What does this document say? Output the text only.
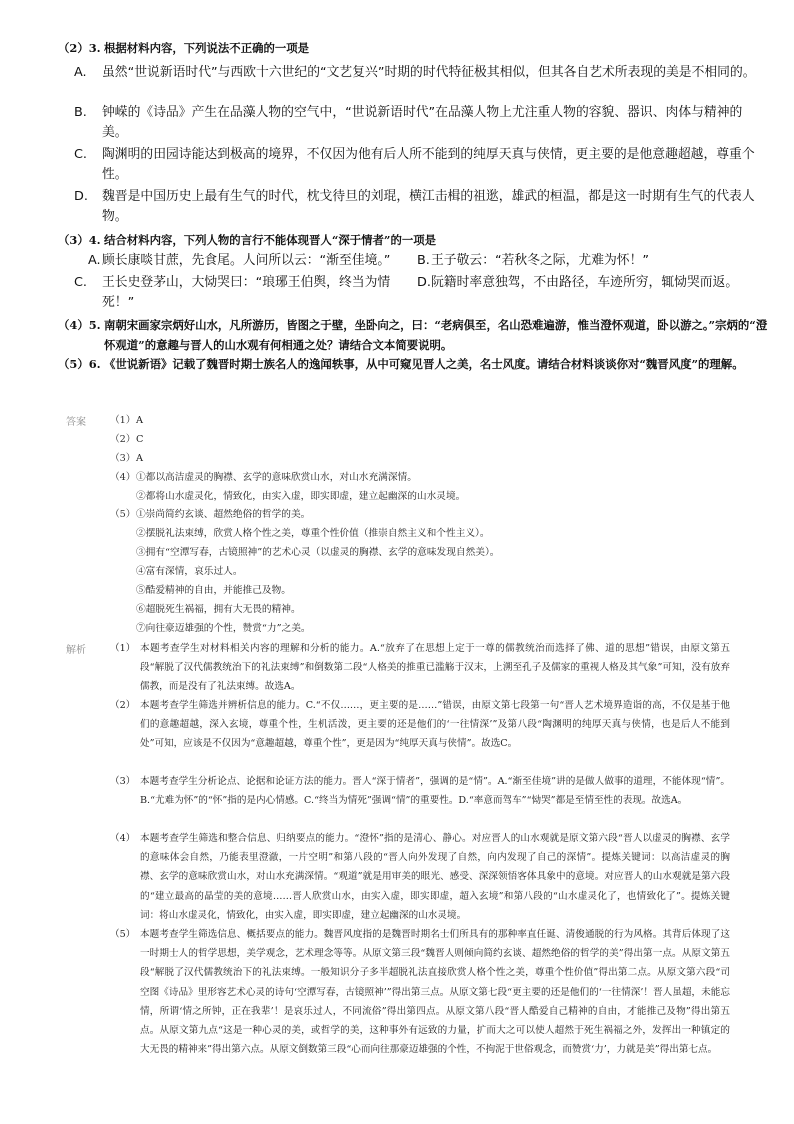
（2）3. 根据材料内容，下列说法不正确的一项是
A. 虽然“世说新语时代”与西欧十六世纪的“文艺复兴”时期的时代特征极其相似，但其各自艺术所表现的美是不相同的。
B. 钟嵘的《诗品》产生在品藻人物的空气中，“世说新语时代”在品藻人物上尤注重人物的容貌、器识、肉体与精神的美。
C. 陶渊明的田园诗能达到极高的境界，不仅因为他有后人所不能到的纯厚天真与侠情，更主要的是他意趣超越，尊重个性。
D. 魏晋是中国历史上最有生气的时代，枕戈待旦的刘琨，横江击楫的祖逖，雄武的桓温，都是这一时期有生气的代表人物。
（3）4. 结合材料内容，下列人物的言行不能体现晋人“深于情者”的一项是
A.顾长康啖甘蔗，先食尾。人问所以云：“渐至佳境。”	B.王子敬云：“若秋冬之际，尤难为怀！”
C. 王长史登茅山，大恸哭曰：“琅琊王伯舆，终当为情死！”
D.阮籍时率意独驾，不由路径，车迹所穷，辄恸哭而返。
（4）5. 南朝宋画家宗炳好山水，凡所游历，皆图之于壁，坐卧向之，曰：“老病俱至，名山恐难遍游，惟当澄怀观道，卧以游之。”宗炳的“澄怀观道”的意趣与晋人的山水观有何相通之处？请结合文本简要说明。
（5）6. 《世说新语》记载了魏晋时期士族名人的逸闻轶事，从中可窥见晋人之美，名士风度。请结合材料谈谈你对“魏晋风度”的理解。
答案 （1）A
（2）C
（3）A
（4）①都以高洁虚灵的胸襟、玄学的意味欣赏山水，对山水充满深情。
②都将山水虚灵化，情致化，由实入虚，即实即虚，建立起幽深的山水灵境。
（5）①崇尚简约玄谈、超然绝俗的哲学的美。
②摆脱礼法束缚，欣赏人格个性之美，尊重个性价值（推崇自然主义和个性主义）。
③拥有“空潭写春，古镜照神”的艺术心灵（以虚灵的胸襟、玄学的意味发现自然美）。
④富有深情，哀乐过人。
⑤酷爱精神的自由，并能推己及物。
⑥超脱死生祸福，拥有大无畏的精神。
⑦向往豪迈雄强的个性，赞赏“力”之美。
解析	（1） 本题考查学生对材料相关内容的理解和分析的能力。A.“放弃了在思想上定于一尊的儒教统治而选择了佛、道的思想”错误，由原文第五段“解脱了汉代儒教统治下的礼法束缚”和倒数第二段“人格美的推重已滥觞于汉末，上溯至孔子及儒家的重视人格及其气象”可知，没有放弃儒教，而是没有了礼法束缚。故选A。
（2） 本题考查学生筛选并辨析信息的能力。C.“不仅……，更主要的是……”错误，由原文第七段第一句“晋人艺术境界造诣的高，不仅是基于他们的意趣超越，深入玄境，尊重个性，生机活泼，更主要的还是他们的‘一往情深’”及第八段“陶渊明的纯厚天真与侠情，也是后人不能到处”可知，应该是不仅因为“意趣超越，尊重个性”，更是因为“纯厚天真与侠情”。故选C。
（3） 本题考查学生分析论点、论据和论证方法的能力。晋人“深于情者”，强调的是“情”。A.“渐至佳境”讲的是做人做事的道理，不能体现“情”。B.“尤难为怀”的“怀”指的是内心情感。C.“终当为情死”强调“情”的重要性。D.“率意而驾车”“恸哭”都是至情至性的表现。故选A。
（4） 本题考查学生筛选和整合信息、归纳要点的能力。“澄怀”指的是清心、静心。对应晋人的山水观就是原文第六段“晋人以虚灵的胸襟、玄学的意味体会自然，乃能表里澄澈，一片空明”和第八段的“晋人向外发现了自然，向内发现了自己的深情”。提炼关键词：以高洁虚灵的胸襟、玄学的意味欣赏山水，对山水充满深情。“观道”就是用审美的眼光、感受、深深领悟客体具象中的意境。对应晋人的山水观就是第六段的“建立最高的晶莹的美的意境……晋人欣赏山水，由实入虚，即实即虚，超入玄境”和第八段的“山水虚灵化了，也情致化了”。提炼关键词：将山水虚灵化，情致化，由实入虚，即实即虚，建立起幽深的山水灵境。
（5） 本题考查学生筛选信息、概括要点的能力。魏晋风度指的是魏晋时期名士们所具有的那种率直任诞、清俊通脱的行为风格。其背后体现了这一时期士人的哲学思想，美学观念，艺术理念等等。从原文第三段“魏晋人则倾向简约玄谈、超然绝俗的哲学的美”得出第一点。从原文第五段“解脱了汉代儒教统治下的礼法束缚。一般知识分子多半超脱礼法直接欣赏人格个性之美，尊重个性价值”得出第二点。从原文第六段“司空图《诗品》里形容艺术心灵的诗句‘空潭写春，古镜照神’”得出第三点。从原文第七段“更主要的还是他们的‘一往情深’！晋人虽超，未能忘情，所谓‘情之所钟，正在我辈’！是哀乐过人，不同流俗”得出第四点。从原文第八段“晋人酷爱自己精神的自由，才能推己及物”得出第五点。从原文第九点“这是一种心灵的美，或哲学的美，这种事外有远致的力量，扩而大之可以使人超然于死生祸福之外，发挥出一种镇定的大无畏的精神来”得出第六点。从原文倒数第三段“心而向往那豪迈雄强的个性，不拘泥于世俗观念，而赞赏‘力’，力就是美”得出第七点。
